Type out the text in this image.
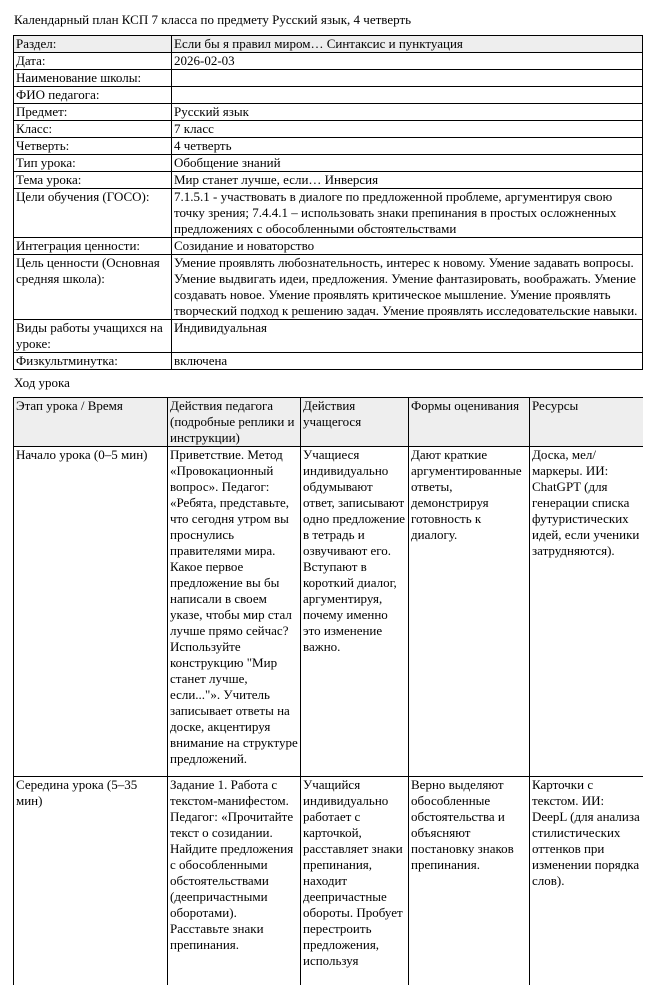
Календарный план КСП 7 класса по предмету Русский язык, 4 четверть
Раздел:	Если бы я правил миром… Синтаксис и пунктуация
Дата:	2026-02-03
Наименование школы:	
ФИО педагога:	
Предмет:	Русский язык
Класс:	7 класс
Четверть:	4 четверть
Тип урока:	Обобщение знаний
Тема урока:	Мир станет лучше, если… Инверсия
Цели обучения (ГОСО):	7.1.5.1 - участвовать в диалоге по предложенной проблеме, аргументируя свою точку зрения; 7.4.4.1 – использовать знаки препинания в простых осложненных предложениях с обособленными обстоятельствами
Интеграция ценности:	Созидание и новаторство
Цель ценности (Основная средняя школа):	Умение проявлять любознательность, интерес к новому. Умение задавать вопросы. Умение выдвигать идеи, предложения. Умение фантазировать, воображать. Умение создавать новое. Умение проявлять критическое мышление. Умение проявлять творческий подход к решению задач. Умение проявлять исследовательские навыки.
Виды работы учащихся на уроке:	Индивидуальная
Физкультминутка:	включена
Ход урока
Этап урока / Время	Действия педагога (подробные реплики и инструкции)	Действия учащегося	Формы оценивания	Ресурсы
Начало урока (0–5 мин)	Приветствие. Метод «Провокационный вопрос». Педагог: «Ребята, представьте, что сегодня утром вы проснулись правителями мира. Какое первое предложение вы бы написали в своем указе, чтобы мир стал лучше прямо сейчас? Используйте конструкцию "Мир станет лучше, если..."». Учитель записывает ответы на доске, акцентируя внимание на структуре предложений.	Учащиеся индивидуально обдумывают ответ, записывают одно предложение в тетрадь и озвучивают его. Вступают в короткий диалог, аргументируя, почему именно это изменение важно.	Дают краткие аргументированные ответы, демонстрируя готовность к диалогу.	Доска, мел/маркеры. ИИ: ChatGPT (для генерации списка футуристических идей, если ученики затрудняются).
Середина урока (5–35 мин)	Задание 1. Работа с текстом-манифестом. Педагог: «Прочитайте текст о созидании. Найдите предложения с обособленными обстоятельствами (деепричастными оборотами). Расставьте знаки препинания.	Учащийся индивидуально работает с карточкой, расставляет знаки препинания, находит деепричастные обороты. Пробует перестроить предложения, используя	Верно выделяют обособленные обстоятельства и объясняют постановку знаков препинания.	Карточки с текстом. ИИ: DeepL (для анализа стилистических оттенков при изменении порядка слов).
